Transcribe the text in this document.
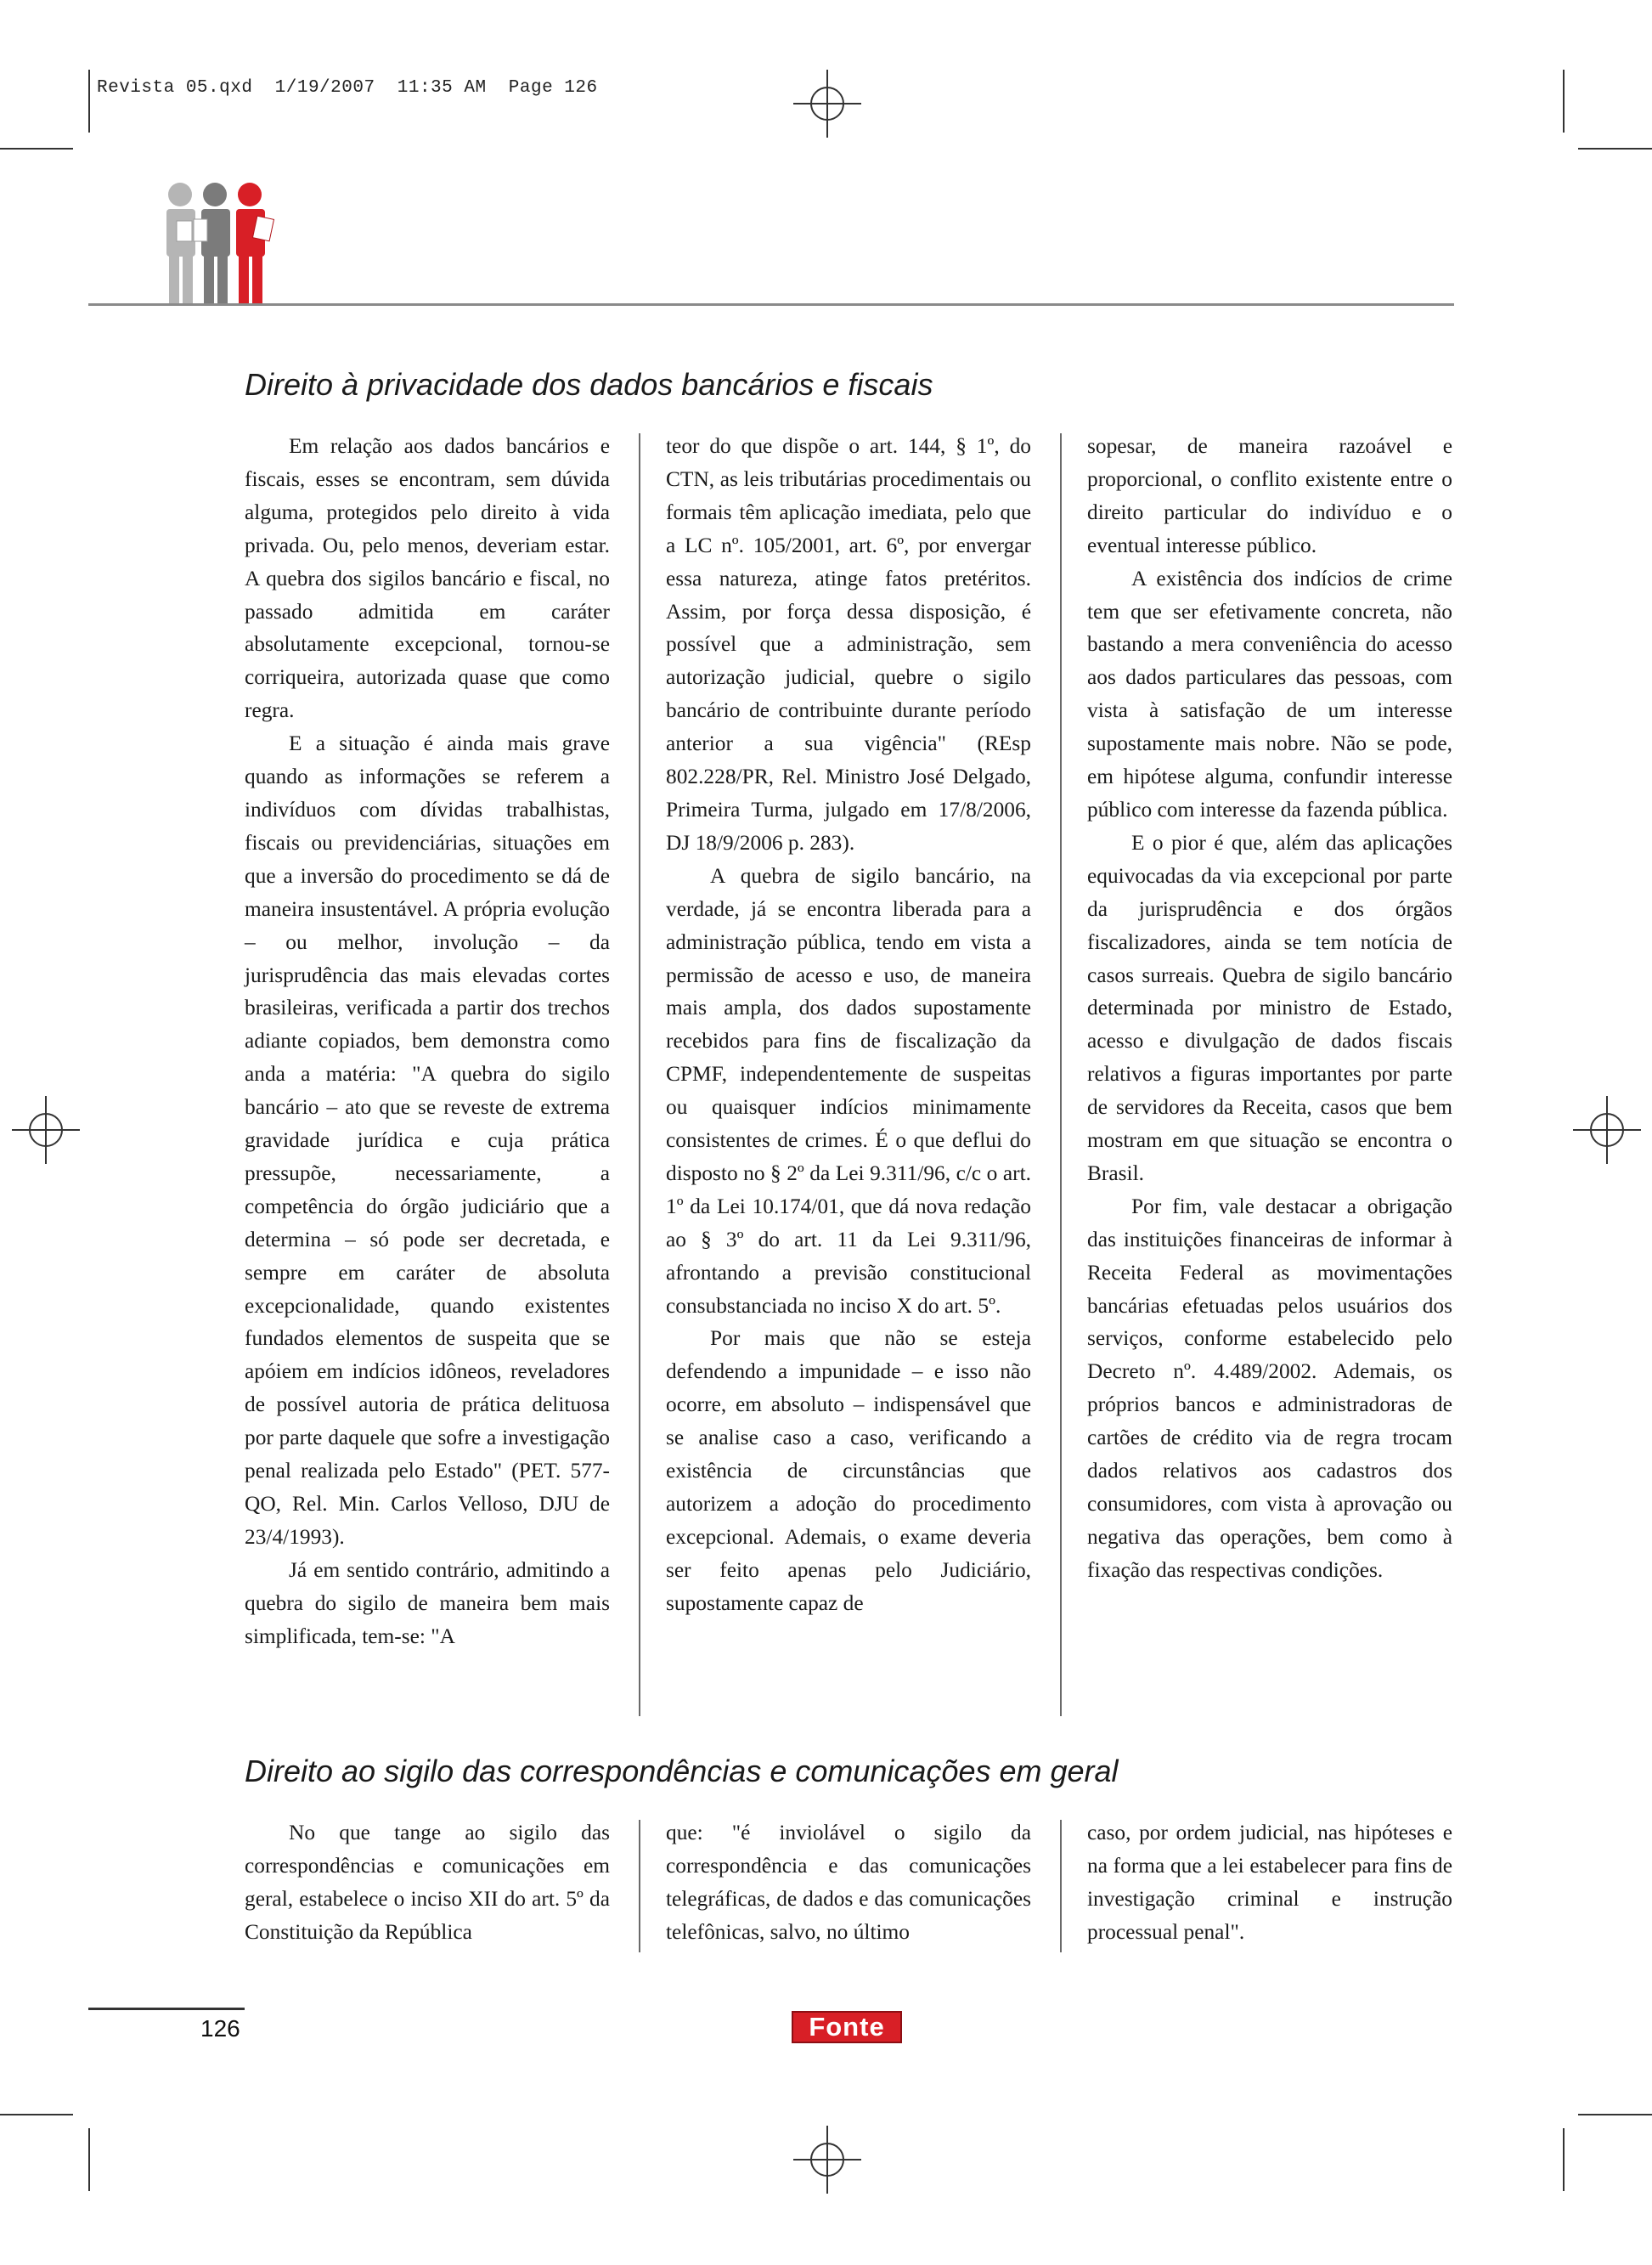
Revista 05.qxd  1/19/2007  11:35 AM  Page 126
Direito à privacidade dos dados bancários e fiscais

Em relação aos dados bancários e fiscais, esses se encontram, sem dúvida alguma, protegidos pelo direito à vida privada. Ou, pelo menos, deveriam estar. A quebra dos sigilos bancário e fiscal, no passado admitida em caráter absolutamente excepcional, tornou-se corriqueira, autorizada quase que como regra.

E a situação é ainda mais grave quando as informações se referem a indivíduos com dívidas trabalhistas, fiscais ou previdenciárias, situações em que a inversão do procedimento se dá de maneira insustentável. A própria evolução – ou melhor, involução – da jurisprudência das mais elevadas cortes brasileiras, verificada a partir dos trechos adiante copiados, bem demonstra como anda a matéria: "A quebra do sigilo bancário – ato que se reveste de extrema gravidade jurídica e cuja prática pressupõe, necessariamente, a competência do órgão judiciário que a determina – só pode ser decretada, e sempre em caráter de absoluta excepcionalidade, quando existentes fundados elementos de suspeita que se apóiem em indícios idôneos, reveladores de possível autoria de prática delituosa por parte daquele que sofre a investigação penal realizada pelo Estado" (PET. 577-QO, Rel. Min. Carlos Velloso, DJU de 23/4/1993).

Já em sentido contrário, admitindo a quebra do sigilo de maneira bem mais simplificada, tem-se: "A

teor do que dispõe o art. 144, § 1º, do CTN, as leis tributárias procedimentais ou formais têm aplicação imediata, pelo que a LC nº. 105/2001, art. 6º, por envergar essa natureza, atinge fatos pretéritos. Assim, por força dessa disposição, é possível que a administração, sem autorização judicial, quebre o sigilo bancário de contribuinte durante período anterior a sua vigência" (REsp 802.228/PR, Rel. Ministro José Delgado, Primeira Turma, julgado em 17/8/2006, DJ 18/9/2006 p. 283).

A quebra de sigilo bancário, na verdade, já se encontra liberada para a administração pública, tendo em vista a permissão de acesso e uso, de maneira mais ampla, dos dados supostamente recebidos para fins de fiscalização da CPMF, independentemente de suspeitas ou quaisquer indícios minimamente consistentes de crimes. É o que deflui do disposto no § 2º da Lei 9.311/96, c/c o art. 1º da Lei 10.174/01, que dá nova redação ao § 3º do art. 11 da Lei 9.311/96, afrontando a previsão constitucional consubstanciada no inciso X do art. 5º.

Por mais que não se esteja defendendo a impunidade – e isso não ocorre, em absoluto – indispensável que se analise caso a caso, verificando a existência de circunstâncias que autorizem a adoção do procedimento excepcional. Ademais, o exame deveria ser feito apenas pelo Judiciário, supostamente capaz de

sopesar, de maneira razoável e proporcional, o conflito existente entre o direito particular do indivíduo e o eventual interesse público.

A existência dos indícios de crime tem que ser efetivamente concreta, não bastando a mera conveniência do acesso aos dados particulares das pessoas, com vista à satisfação de um interesse supostamente mais nobre. Não se pode, em hipótese alguma, confundir interesse público com interesse da fazenda pública.

E o pior é que, além das aplicações equivocadas da via excepcional por parte da jurisprudência e dos órgãos fiscalizadores, ainda se tem notícia de casos surreais. Quebra de sigilo bancário determinada por ministro de Estado, acesso e divulgação de dados fiscais relativos a figuras importantes por parte de servidores da Receita, casos que bem mostram em que situação se encontra o Brasil.

Por fim, vale destacar a obrigação das instituições financeiras de informar à Receita Federal as movimentações bancárias efetuadas pelos usuários dos serviços, conforme estabelecido pelo Decreto nº. 4.489/2002. Ademais, os próprios bancos e administradoras de cartões de crédito via de regra trocam dados relativos aos cadastros dos consumidores, com vista à aprovação ou negativa das operações, bem como à fixação das respectivas condições.

Direito ao sigilo das correspondências e comunicações em geral

No que tange ao sigilo das correspondências e comunicações em geral, estabelece o inciso XII do art. 5º da Constituição da República

que: "é inviolável o sigilo da correspondência e das comunicações telegráficas, de dados e das comunicações telefônicas, salvo, no último

caso, por ordem judicial, nas hipóteses e na forma que a lei estabelecer para fins de investigação criminal e instrução processual penal".

126	Fonte
